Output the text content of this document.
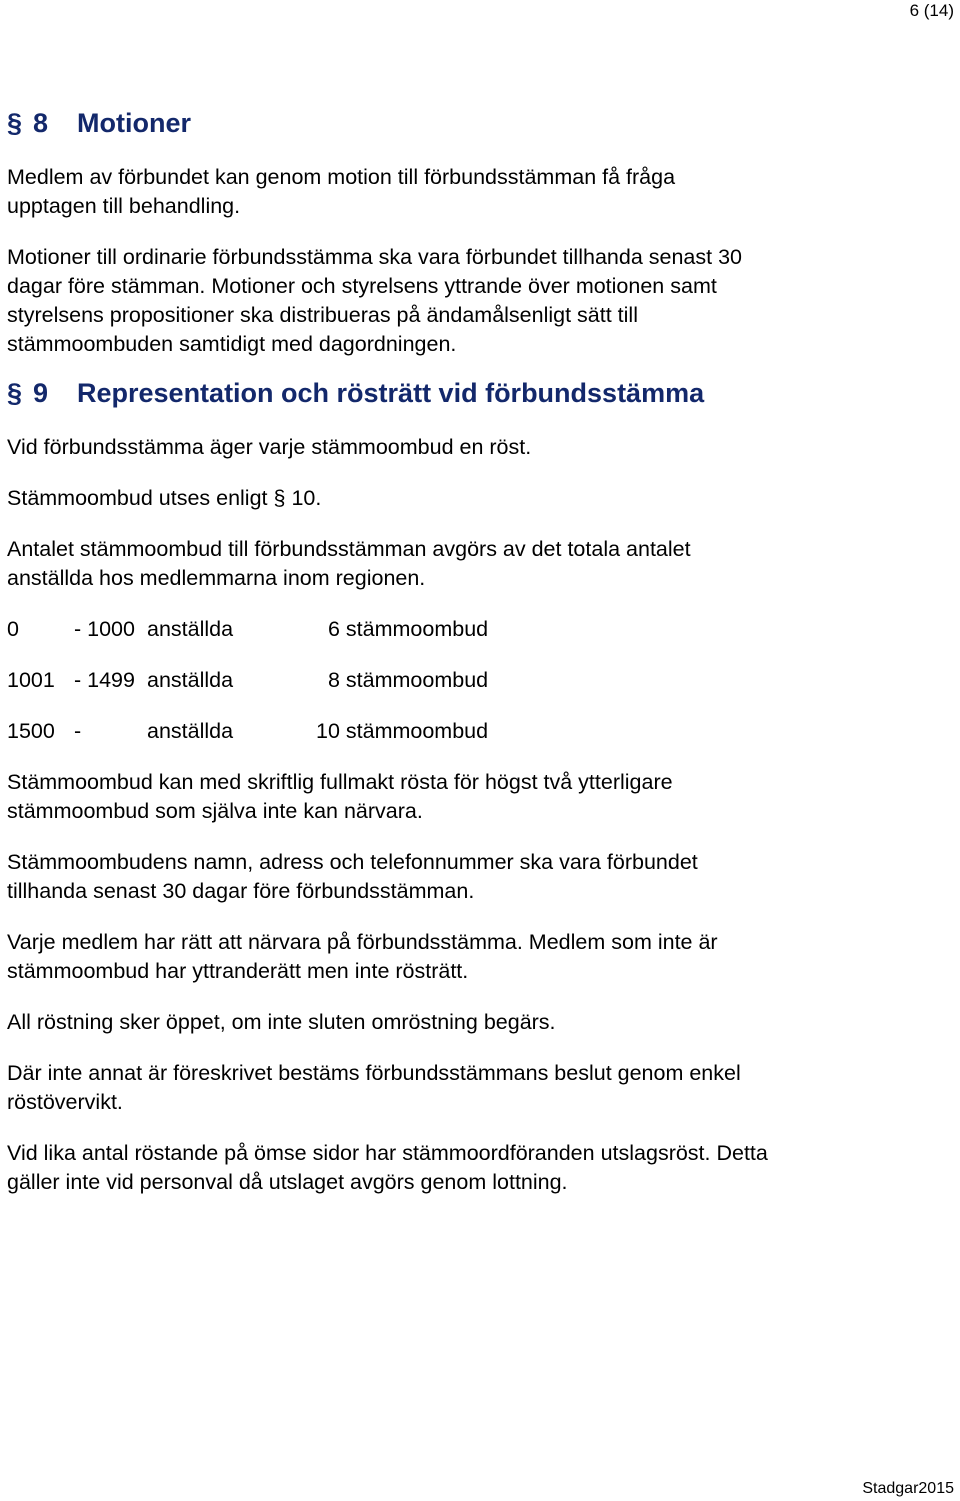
6 (14)
§ 8	Motioner

Medlem av förbundet kan genom motion till förbundsstämman få fråga upptagen till behandling.

Motioner till ordinarie förbundsstämma ska vara förbundet tillhanda senast 30 dagar före stämman. Motioner och styrelsens yttrande över motionen samt styrelsens propositioner ska distribueras på ändamålsenligt sätt till stämmoombuden samtidigt med dagordningen.

§ 9	Representation och rösträtt vid förbundsstämma

Vid förbundsstämma äger varje stämmoombud en röst.

Stämmoombud utses enligt § 10.

Antalet stämmoombud till förbundsstämman avgörs av det totala antalet anställda hos medlemmarna inom regionen.

0	- 1000 anställda	6 stämmoombud
1001 - 1499 anställda	8 stämmoombud
1500 -	anställda	10 stämmoombud

Stämmoombud kan med skriftlig fullmakt rösta för högst två ytterligare stämmoombud som själva inte kan närvara.

Stämmoombudens namn, adress och telefonnummer ska vara förbundet tillhanda senast 30 dagar före förbundsstämman.

Varje medlem har rätt att närvara på förbundsstämma. Medlem som inte är stämmoombud har yttranderätt men inte rösträtt.

All röstning sker öppet, om inte sluten omröstning begärs.

Där inte annat är föreskrivet bestäms förbundsstämmans beslut genom enkel röstövervikt.

Vid lika antal röstande på ömse sidor har stämmoordföranden utslagsröst. Detta gäller inte vid personval då utslaget avgörs genom lottning.

Stadgar2015
